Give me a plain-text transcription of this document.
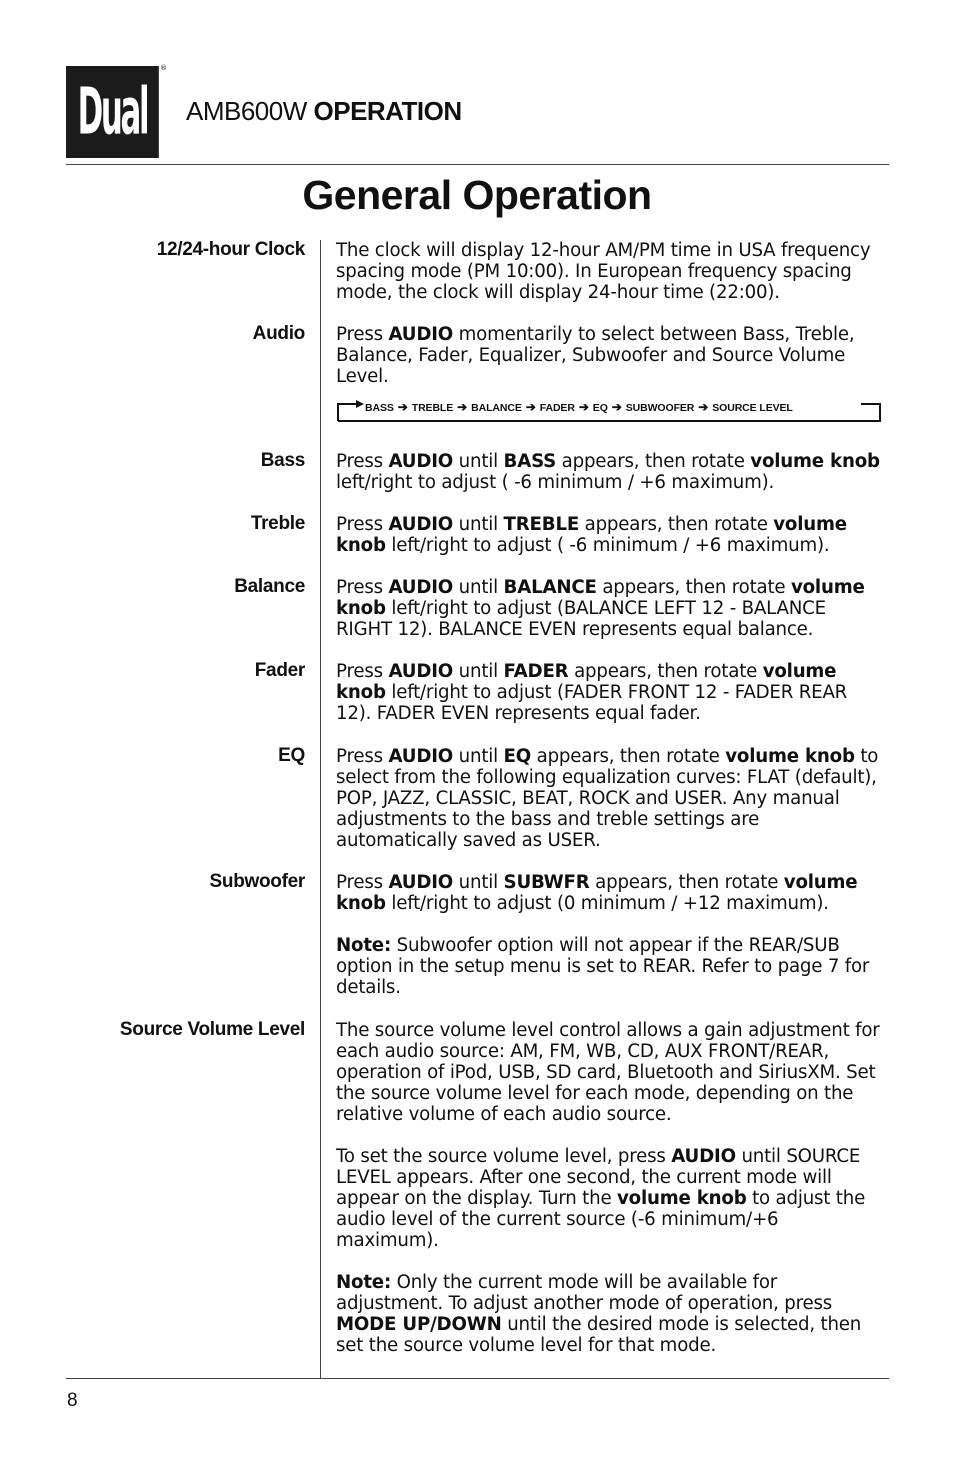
Dual
®
AMB600W OPERATION
General Operation
12/24-hour Clock
Audio
Bass
Treble
Balance
Fader
EQ
Subwoofer
Source Volume Level
The clock will display 12-hour AM/PM time in USA frequency spacing mode (PM 10:00). In European frequency spacing mode, the clock will display 24-hour time (22:00).
Press AUDIO momentarily to select between Bass, Treble, Balance, Fader, Equalizer, Subwoofer and Source Volume Level.
BASS ➔ TREBLE ➔ BALANCE ➔ FADER ➔ EQ ➔ SUBWOOFER ➔ SOURCE LEVEL
Press AUDIO until BASS appears, then rotate volume knob left/right to adjust ( -6 minimum / +6 maximum).
Press AUDIO until TREBLE appears, then rotate volume knob left/right to adjust ( -6 minimum / +6 maximum).
Press AUDIO until BALANCE appears, then rotate volume knob left/right to adjust (BALANCE LEFT 12 - BALANCE RIGHT 12). BALANCE EVEN represents equal balance.
Press AUDIO until FADER appears, then rotate volume knob left/right to adjust (FADER FRONT 12 - FADER REAR 12). FADER EVEN represents equal fader.
Press AUDIO until EQ appears, then rotate volume knob to select from the following equalization curves: FLAT (default), POP, JAZZ, CLASSIC, BEAT, ROCK and USER. Any manual adjustments to the bass and treble settings are automatically saved as USER.
Press AUDIO until SUBWFR appears, then rotate volume knob left/right to adjust (0 minimum / +12 maximum).
Note: Subwoofer option will not appear if the REAR/SUB option in the setup menu is set to REAR. Refer to page 7 for details.
The source volume level control allows a gain adjustment for each audio source: AM, FM, WB, CD, AUX FRONT/REAR, operation of iPod, USB, SD card, Bluetooth and SiriusXM. Set the source volume level for each mode, depending on the relative volume of each audio source.
To set the source volume level, press AUDIO until SOURCE LEVEL appears. After one second, the current mode will appear on the display. Turn the volume knob to adjust the audio level of the current source (-6 minimum/+6 maximum).
Note: Only the current mode will be available for adjustment. To adjust another mode of operation, press MODE UP/DOWN until the desired mode is selected, then set the source volume level for that mode.
8
